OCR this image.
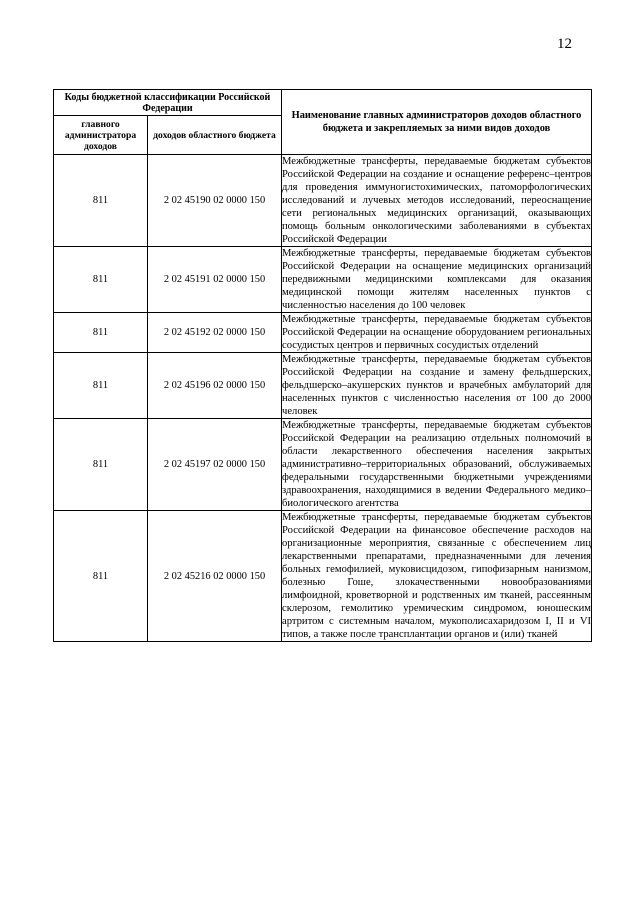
12
Коды бюджетной классификации Российской Федерации		Наименование главных администраторов доходов областного бюджета и закрепляемых за ними видов доходов
главного администратора доходов	доходов областного бюджета	
811	2 02 45190 02 0000 150	Межбюджетные трансферты, передаваемые бюджетам субъектов Российской Федерации на создание и оснащение референс–центров для проведения иммуногистохимических, патоморфологических исследований и лучевых методов исследований, переоснащение сети региональных медицинских организаций, оказывающих помощь больным онкологическими заболеваниями в субъектах Российской Федерации
811	2 02 45191 02 0000 150	Межбюджетные трансферты, передаваемые бюджетам субъектов Российской Федерации на оснащение медицинских организаций передвижными медицинскими комплексами для оказания медицинской помощи жителям населенных пунктов с численностью населения до 100 человек
811	2 02 45192 02 0000 150	Межбюджетные трансферты, передаваемые бюджетам субъектов Российской Федерации на оснащение оборудованием региональных сосудистых центров и первичных сосудистых отделений
811	2 02 45196 02 0000 150	Межбюджетные трансферты, передаваемые бюджетам субъектов Российской Федерации на создание и замену фельдшерских, фельдшерско–акушерских пунктов и врачебных амбулаторий для населенных пунктов с численностью населения от 100 до 2000 человек
811	2 02 45197 02 0000 150	Межбюджетные трансферты, передаваемые бюджетам субъектов Российской Федерации на реализацию отдельных полномочий в области лекарственного обеспечения населения закрытых административно–территориальных образований, обслуживаемых федеральными государственными бюджетными учреждениями здравоохранения, находящимися в ведении Федерального медико–биологического агентства
811	2 02 45216 02 0000 150	Межбюджетные трансферты, передаваемые бюджетам субъектов Российской Федерации на финансовое обеспечение расходов на организационные мероприятия, связанные с обеспечением лиц лекарственными препаратами, предназначенными для лечения больных гемофилией, муковисцидозом, гипофизарным нанизмом, болезнью Гоше, злокачественными новообразованиями лимфоидной, кроветворной и родственных им тканей, рассеянным склерозом, гемолитико уремическим синдромом, юношеским артритом с системным началом, мукополисахаридозом I, II и VI типов, а также после трансплантации органов и (или) тканей
